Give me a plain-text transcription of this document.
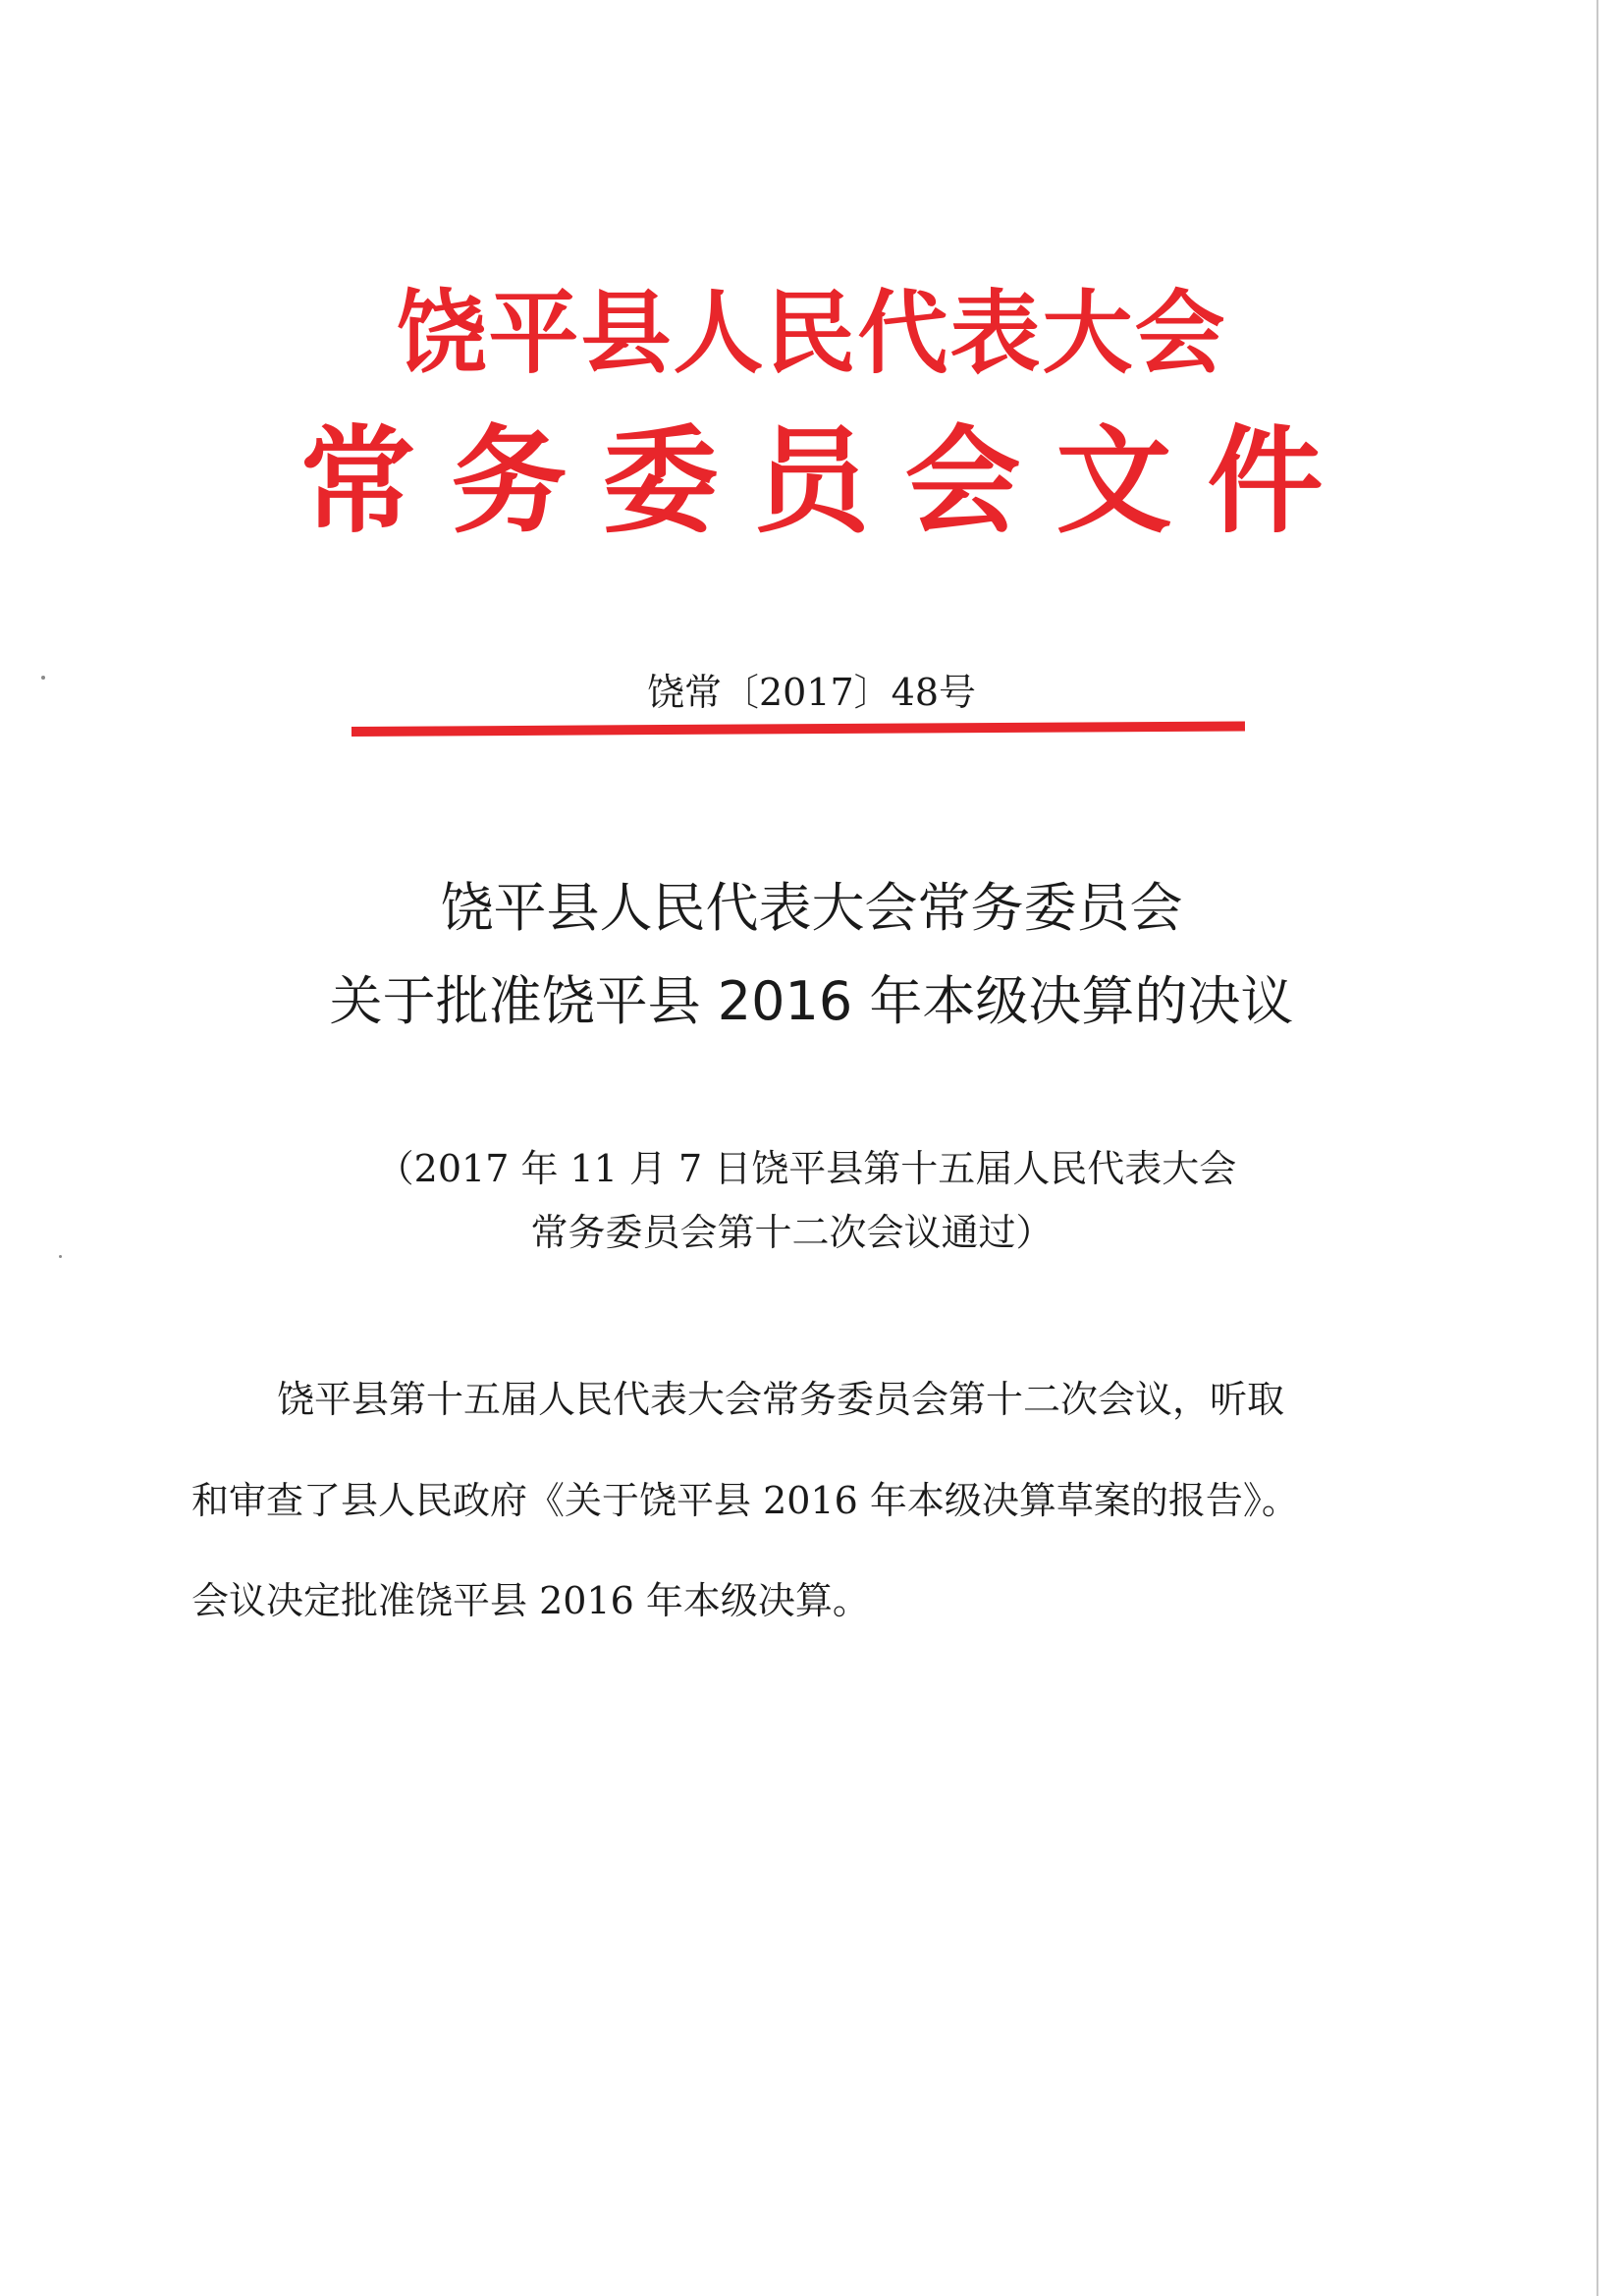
饶平县人民代表大会
常务委员会文件
饶常〔2017〕48号
饶平县人民代表大会常务委员会
关于批准饶平县 2016 年本级决算的决议
（2017 年 11 月 7 日饶平县第十五届人民代表大会
常务委员会第十二次会议通过）
饶平县第十五届人民代表大会常务委员会第十二次会议，听取
和审查了县人民政府《关于饶平县 2016 年本级决算草案的报告》。
会议决定批准饶平县 2016 年本级决算。
